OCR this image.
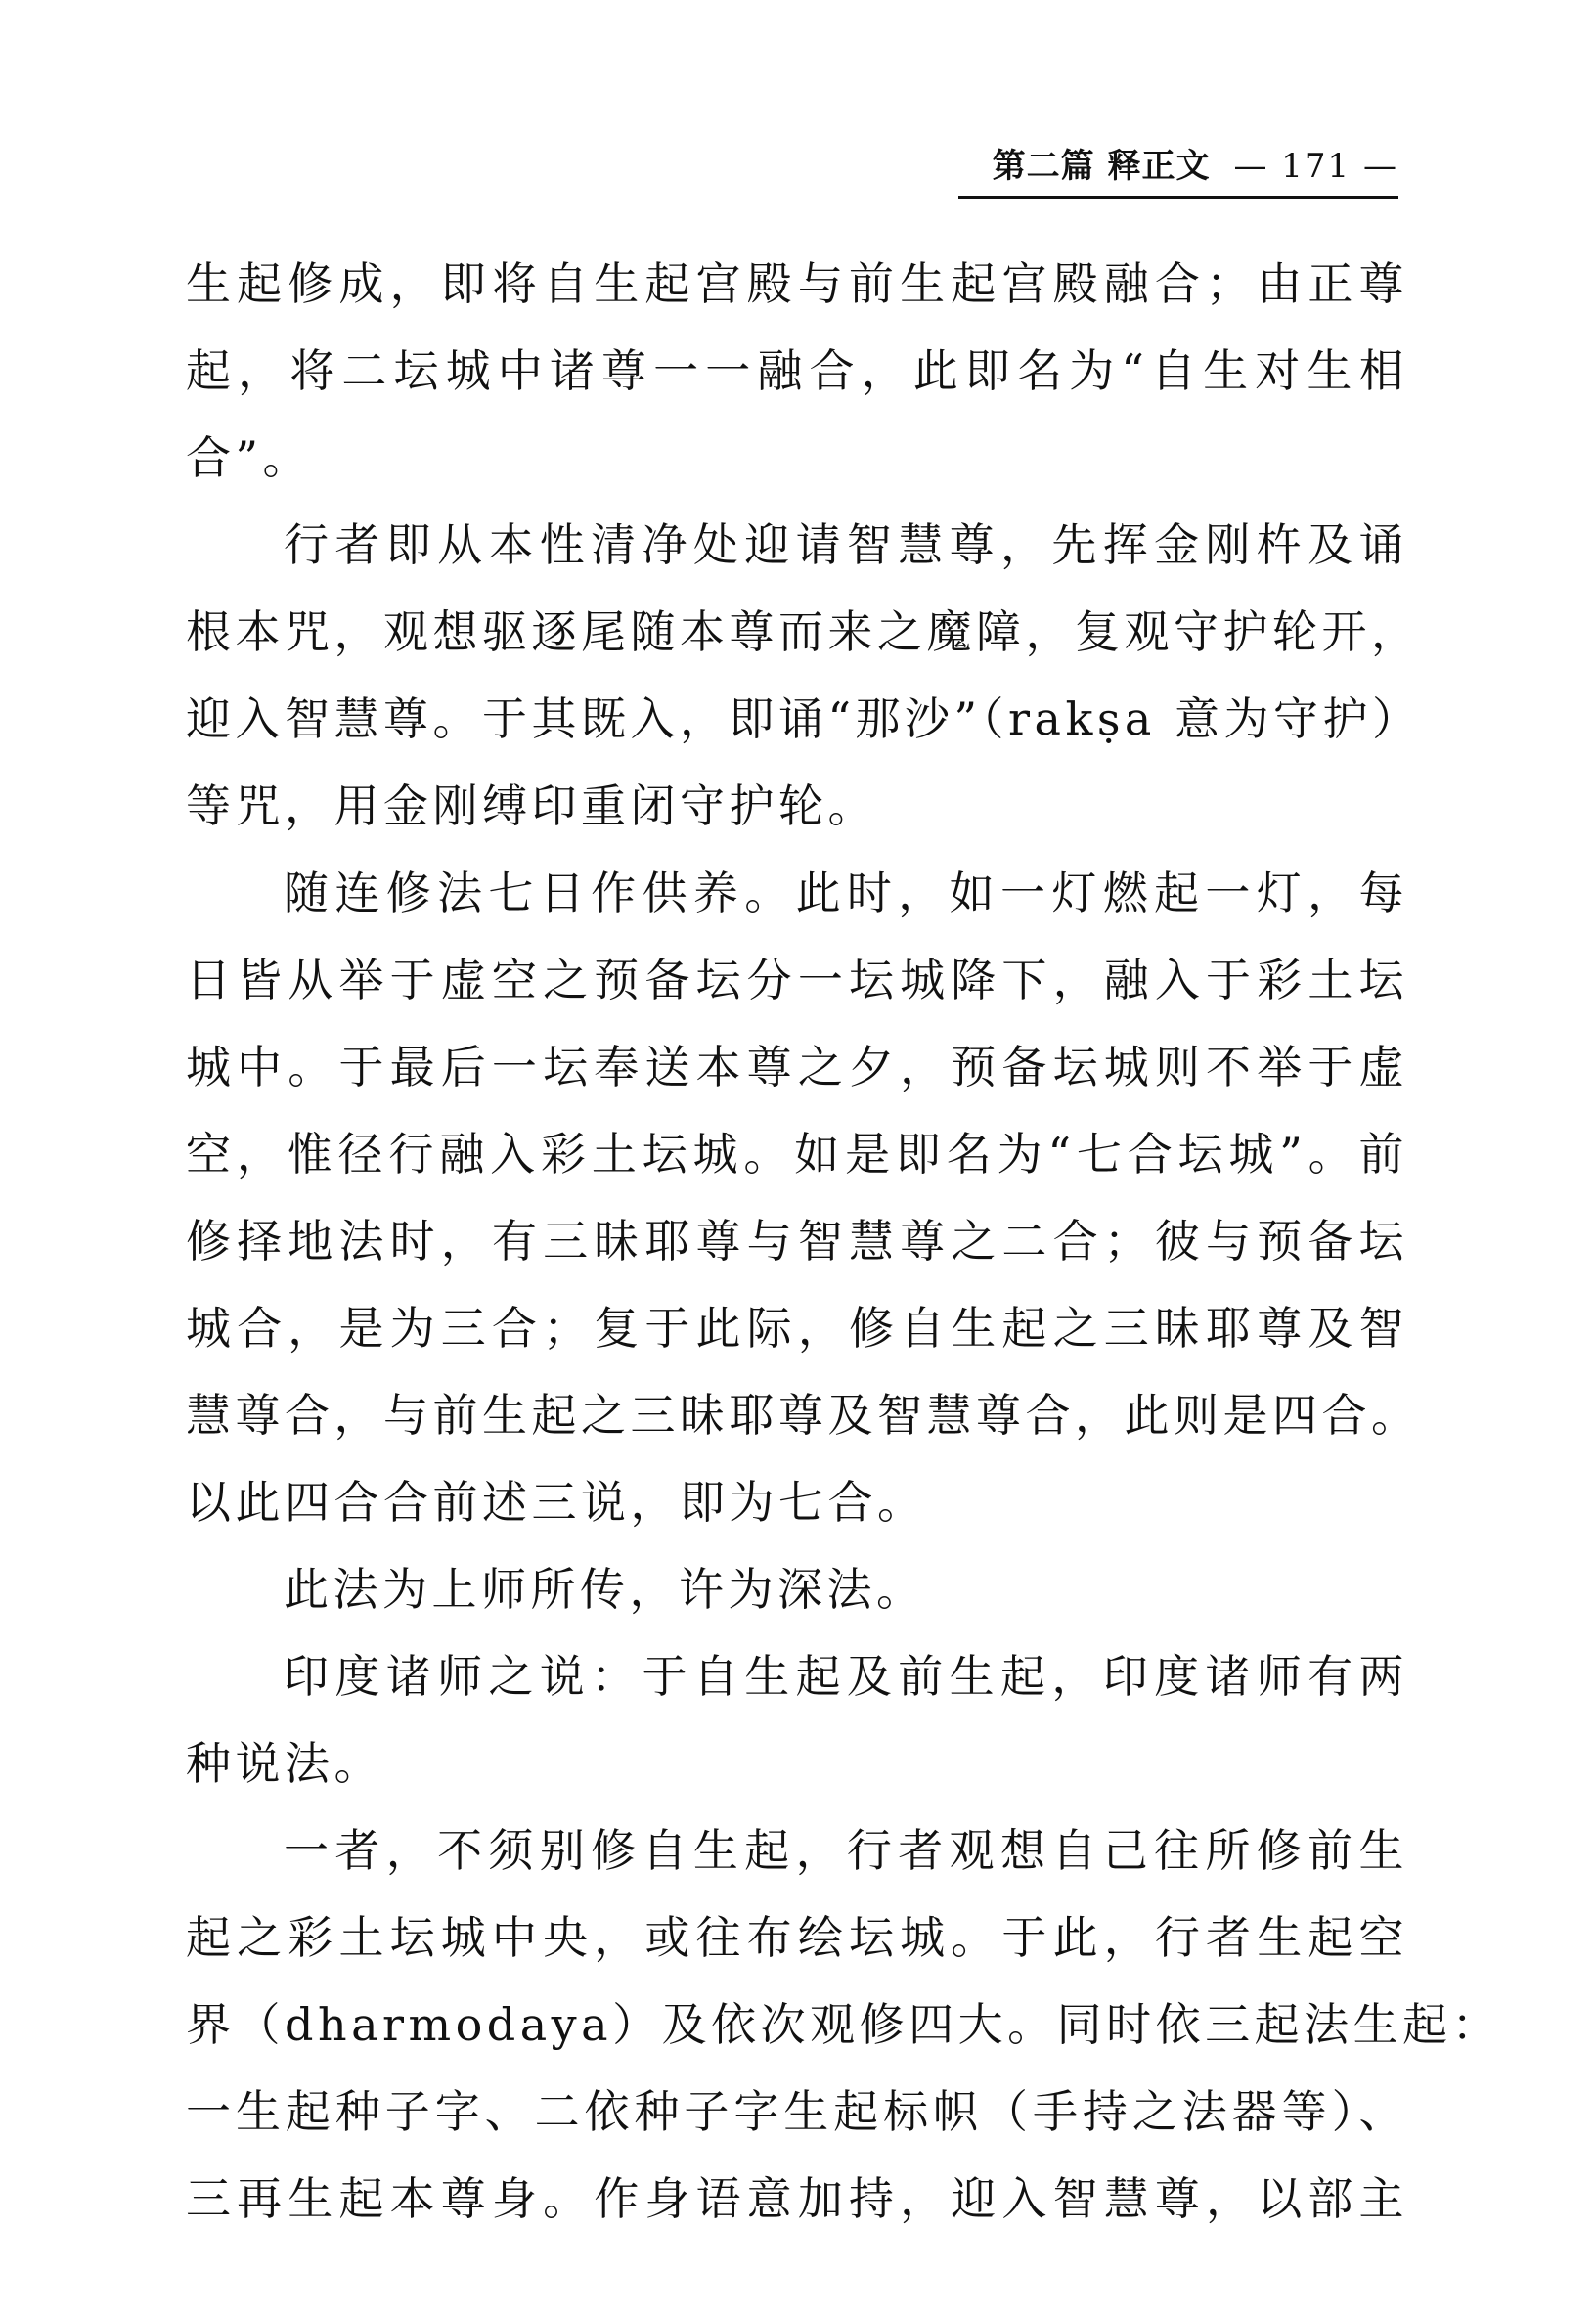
第二篇 释正文 — 171 —
生起修成，即将自生起宫殿与前生起宫殿融合；由正尊
起，将二坛城中诸尊一一融合，此即名为“自生对生相
合”。
行者即从本性清净处迎请智慧尊，先挥金刚杵及诵
根本咒，观想驱逐尾随本尊而来之魔障，复观守护轮开，
迎入智慧尊。于其既入，即诵“那沙”（rakṣa 意为守护）
等咒，用金刚缚印重闭守护轮。
随连修法七日作供养。此时，如一灯燃起一灯，每
日皆从举于虚空之预备坛分一坛城降下，融入于彩土坛
城中。于最后一坛奉送本尊之夕，预备坛城则不举于虚
空，惟径行融入彩土坛城。如是即名为“七合坛城”。前
修择地法时，有三昧耶尊与智慧尊之二合；彼与预备坛
城合，是为三合；复于此际，修自生起之三昧耶尊及智
慧尊合，与前生起之三昧耶尊及智慧尊合，此则是四合。
以此四合合前述三说，即为七合。
此法为上师所传，许为深法。
印度诸师之说：于自生起及前生起，印度诸师有两
种说法。
一者，不须别修自生起，行者观想自己往所修前生
起之彩土坛城中央，或往布绘坛城。于此，行者生起空
界（dharmodaya）及依次观修四大。同时依三起法生起：
一生起种子字、二依种子字生起标帜（手持之法器等）、
三再生起本尊身。作身语意加持，迎入智慧尊，以部主
